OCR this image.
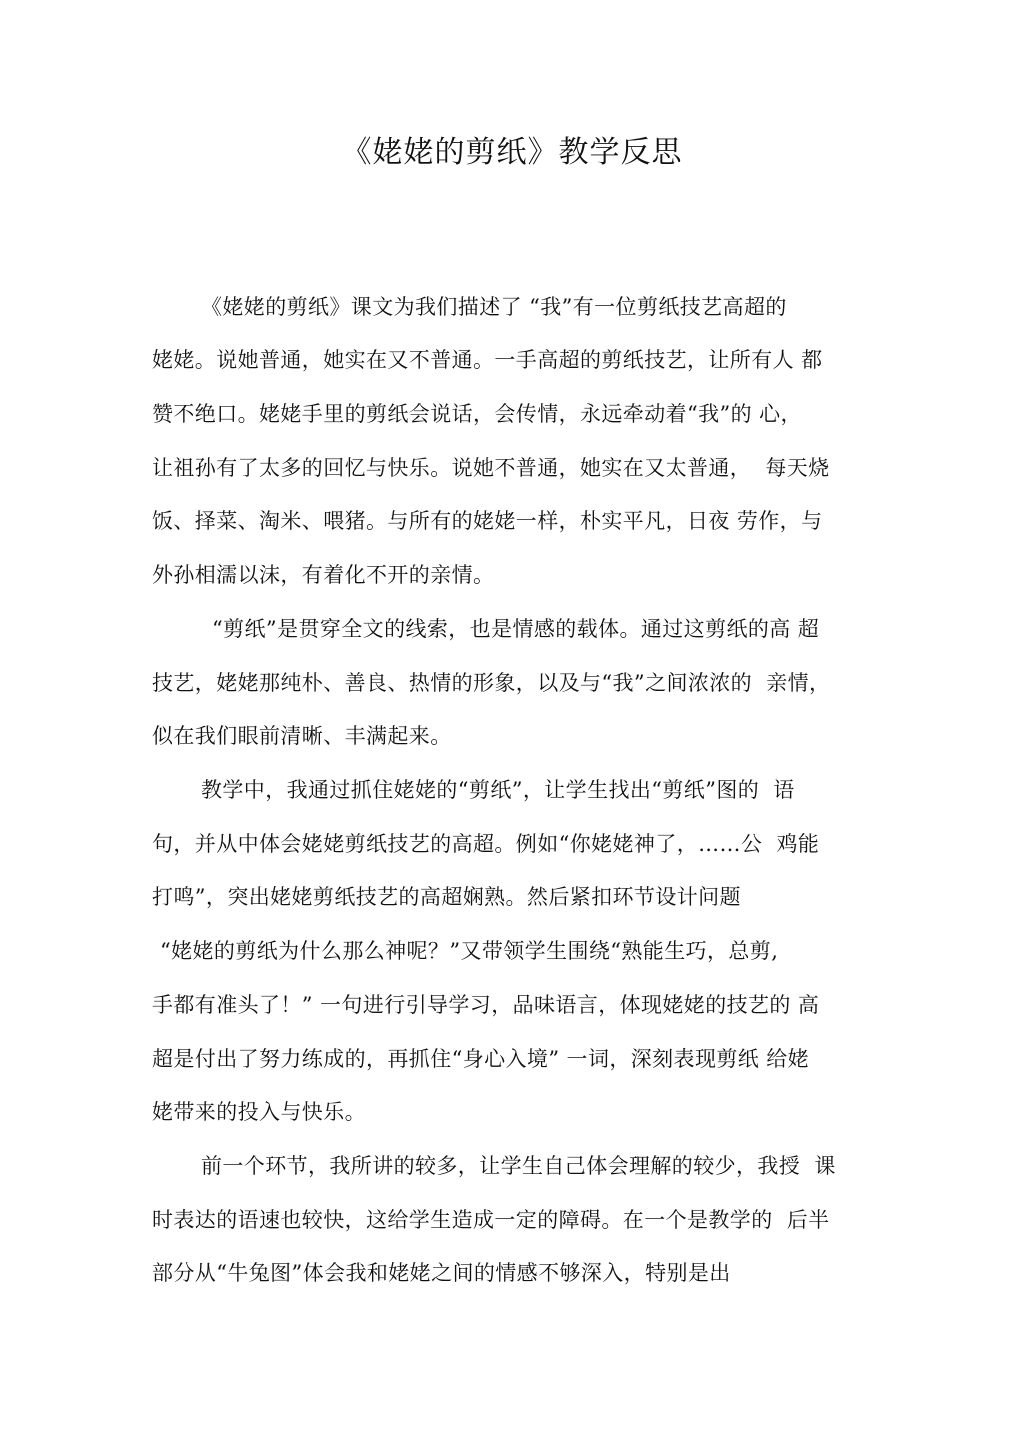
《姥姥的剪纸》教学反思
《姥姥的剪纸》课文为我们描述了 “我”有一位剪纸技艺高超的
姥姥。说她普通，她实在又不普通。一手高超的剪纸技艺，让所有人 都
赞不绝口。姥姥手里的剪纸会说话，会传情，永远牵动着“我”的 心，
让祖孙有了太多的回忆与快乐。说她不普通，她实在又太普通，  每天烧
饭、择菜、淘米、喂猪。与所有的姥姥一样，朴实平凡，日夜 劳作，与
外孙相濡以沫，有着化不开的亲情。
“剪纸”是贯穿全文的线索，也是情感的载体。通过这剪纸的高 超
技艺，姥姥那纯朴、善良、热情的形象，以及与“我”之间浓浓的  亲情，
似在我们眼前清晰、丰满起来。
教学中，我通过抓住姥姥的“剪纸”，让学生找出“剪纸”图的  语
句，并从中体会姥姥剪纸技艺的高超。例如“你姥姥神了，……公  鸡能
打鸣”，突出姥姥剪纸技艺的高超娴熟。然后紧扣环节设计问题
“姥姥的剪纸为什么那么神呢？”又带领学生围绕“熟能生巧，总剪,
手都有准头了！” 一句进行引导学习，品味语言，体现姥姥的技艺的 高
超是付出了努力练成的，再抓住“身心入境” 一词，深刻表现剪纸 给姥
姥带来的投入与快乐。
前一个环节，我所讲的较多，让学生自己体会理解的较少，我授  课
时表达的语速也较快，这给学生造成一定的障碍。在一个是教学的  后半
部分从“牛兔图”体会我和姥姥之间的情感不够深入，特别是出
